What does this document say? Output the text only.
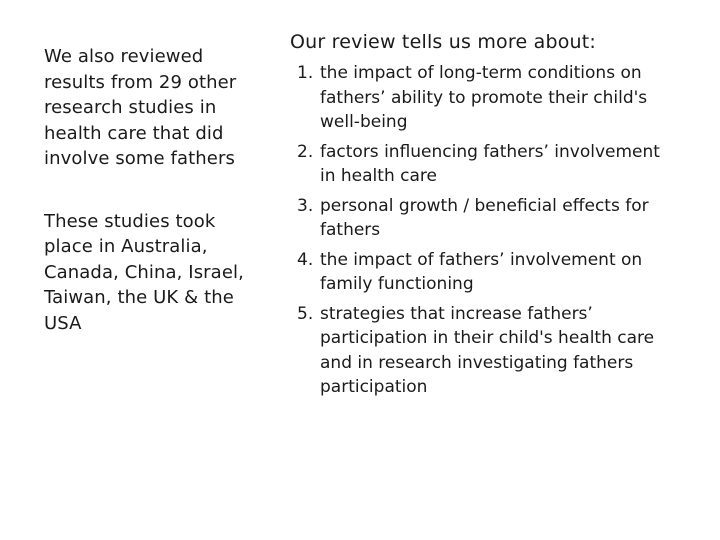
We also reviewed results from 29 other research studies in health care that did involve some fathers

These studies took place in Australia, Canada, China, Israel, Taiwan, the UK & the USA

Our review tells us more about:

1. the impact of long-term conditions on fathers’ ability to promote their child's well-being
2. factors influencing fathers’ involvement in health care
3. personal growth / beneficial effects for fathers
4. the impact of fathers’ involvement on family functioning
5. strategies that increase fathers’ participation in their child's health care and in research investigating fathers participation
